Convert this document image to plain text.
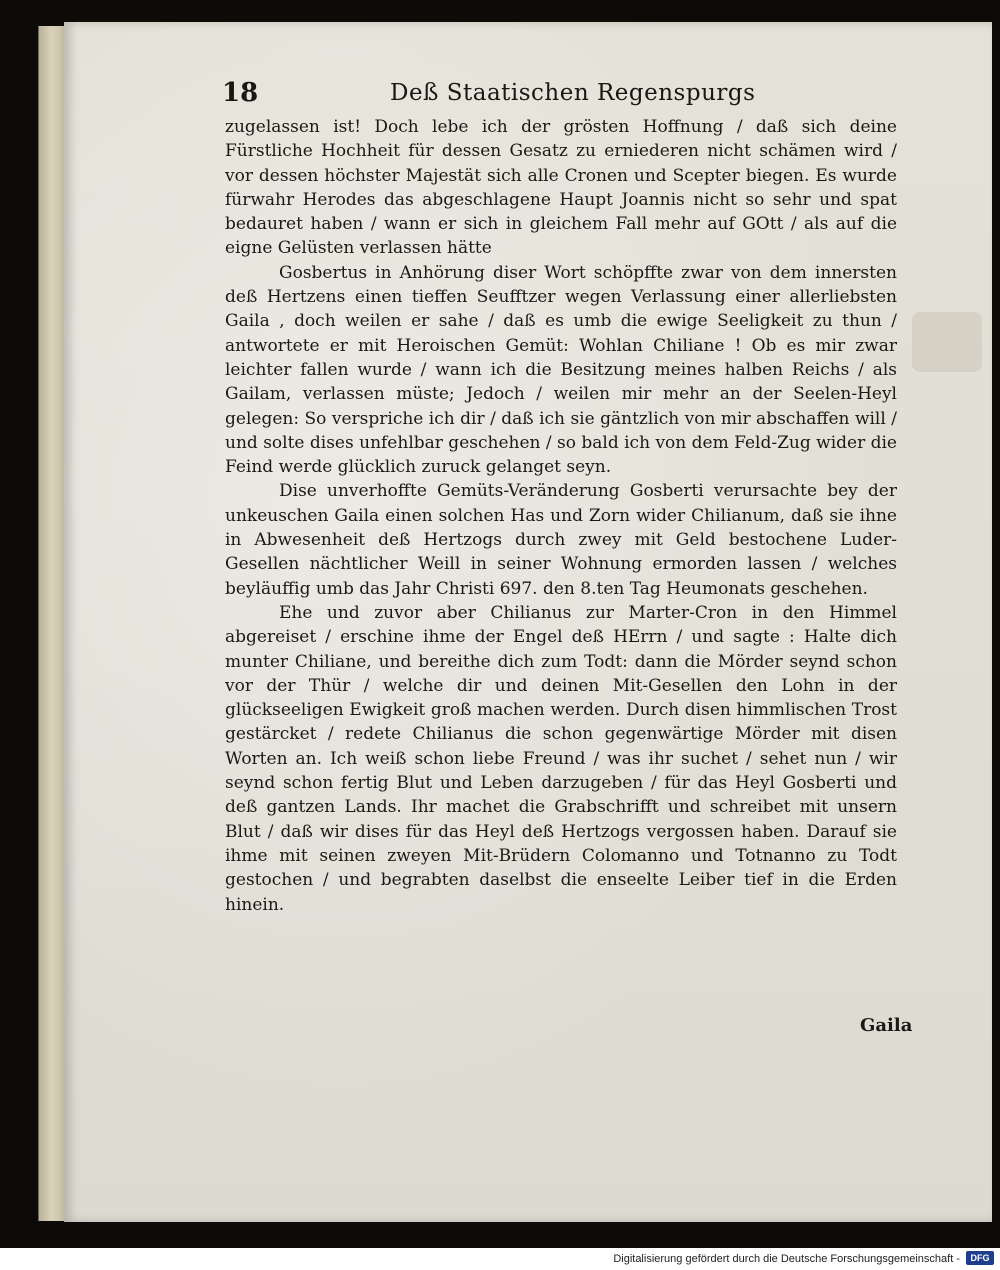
18	Deß Staatischen Regenspurgs

zugelassen ist! Doch lebe ich der grösten Hoffnung / daß sich deine Fürstliche Hochheit für dessen Gesatz zu erniederen nicht schämen wird / vor dessen höchster Majestät sich alle Cronen und Scepter biegen. Es wurde fürwahr Herodes das abgeschlagene Haupt Joannis nicht so sehr und spat bedauret haben / wann er sich in gleichem Fall mehr auf GOtt / als auf die eigne Gelüsten verlassen hätte

Gosbertus in Anhörung diser Wort schöpffte zwar von dem innersten deß Hertzens einen tieffen Seufftzer wegen Verlassung einer allerliebsten Gaila , doch weilen er sahe / daß es umb die ewige Seeligkeit zu thun / antwortete er mit Heroischen Gemüt: Wohlan Chiliane ! Ob es mir zwar leichter fallen wurde / wann ich die Besitzung meines halben Reichs / als Gailam, verlassen müste; Jedoch / weilen mir mehr an der Seelen-Heyl gelegen: So verspriche ich dir / daß ich sie gäntzlich von mir abschaffen will / und solte dises unfehlbar geschehen / so bald ich von dem Feld-Zug wider die Feind werde glücklich zuruck gelanget seyn.

Dise unverhoffte Gemüts-Veränderung Gosberti verursachte bey der unkeuschen Gaila einen solchen Has und Zorn wider Chilianum, daß sie ihne in Abwesenheit deß Hertzogs durch zwey mit Geld bestochene Luder-Gesellen nächtlicher Weill in seiner Wohnung ermorden lassen / welches beyläuffig umb das Jahr Christi 697. den 8.ten Tag Heumonats geschehen.

Ehe und zuvor aber Chilianus zur Marter-Cron in den Himmel abgereiset / erschine ihme der Engel deß HErrn / und sagte : Halte dich munter Chiliane, und bereithe dich zum Todt: dann die Mörder seynd schon vor der Thür / welche dir und deinen Mit-Gesellen den Lohn in der glückseeligen Ewigkeit groß machen werden. Durch disen himmlischen Trost gestärcket / redete Chilianus die schon gegenwärtige Mörder mit disen Worten an. Ich weiß schon liebe Freund / was ihr suchet / sehet nun / wir seynd schon fertig Blut und Leben darzugeben / für das Heyl Gosberti und deß gantzen Lands. Ihr machet die Grabschrifft und schreibet mit unsern Blut / daß wir dises für das Heyl deß Hertzogs vergossen haben. Darauf sie ihme mit seinen zweyen Mit-Brüdern Colomanno und Totnanno zu Todt gestochen / und begrabten daselbst die enseelte Leiber tief in die Erden hinein.

Gaila
Digitalisierung gefördert durch die Deutsche Forschungsgemeinschaft -	DFG
